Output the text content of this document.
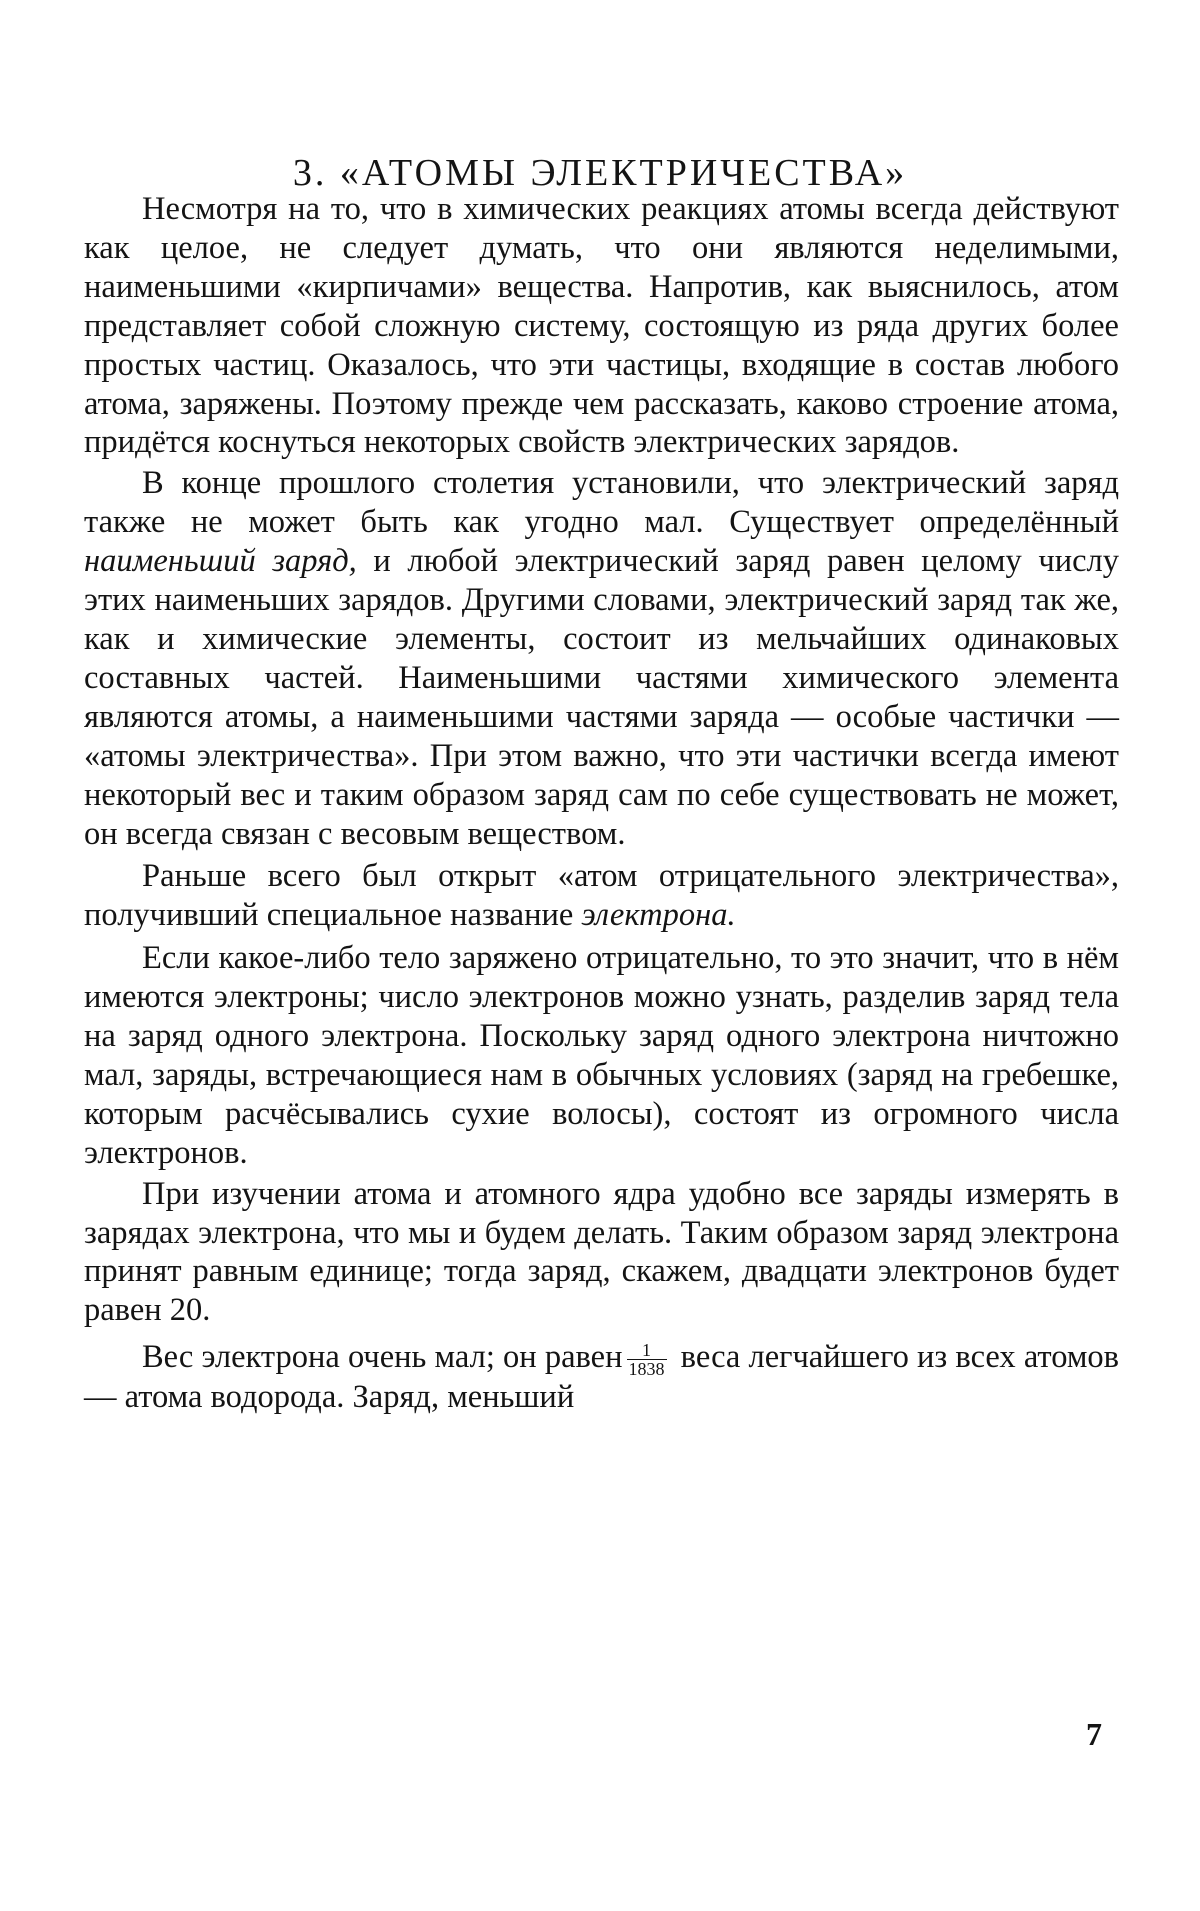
3. «АТОМЫ ЭЛЕКТРИЧЕСТВА»

Несмотря на то, что в химических реакциях атомы всегда действуют как целое, не следует думать, что они являются неделимыми, наименьшими «кирпичами» вещества. Напротив, как выяснилось, атом представляет собой сложную систему, состоящую из ряда других более простых частиц. Оказалось, что эти частицы, входящие в состав любого атома, заряжены. Поэтому прежде чем рассказать, каково строение атома, придётся коснуться некоторых свойств электрических зарядов.

В конце прошлого столетия установили, что электрический заряд также не может быть как угодно мал. Существует определённый наименьший заряд, и любой электрический заряд равен целому числу этих наименьших зарядов. Другими словами, электрический заряд так же, как и химические элементы, состоит из мельчайших одинаковых составных частей. Наименьшими частями химического элемента являются атомы, а наименьшими частями заряда — особые частички — «атомы электричества». При этом важно, что эти частички всегда имеют некоторый вес и таким образом заряд сам по себе существовать не может, он всегда связан с весовым веществом.

Раньше всего был открыт «атом отрицательного электричества», получивший специальное название электрона.

Если какое-либо тело заряжено отрицательно, то это значит, что в нём имеются электроны; число электронов можно узнать, разделив заряд тела на заряд одного электрона. Поскольку заряд одного электрона ничтожно мал, заряды, встречающиеся нам в обычных условиях (заряд на гребешке, которым расчёсывались сухие волосы), состоят из огромного числа электронов.

При изучении атома и атомного ядра удобно все заряды измерять в зарядах электрона, что мы и будем делать. Таким образом заряд электрона принят равным единице; тогда заряд, скажем, двадцати электронов будет равен 20.

Вес электрона очень мал; он равен $\frac{1}{1838}$ веса легчайшего из всех атомов — атома водорода. Заряд, меньший

7
